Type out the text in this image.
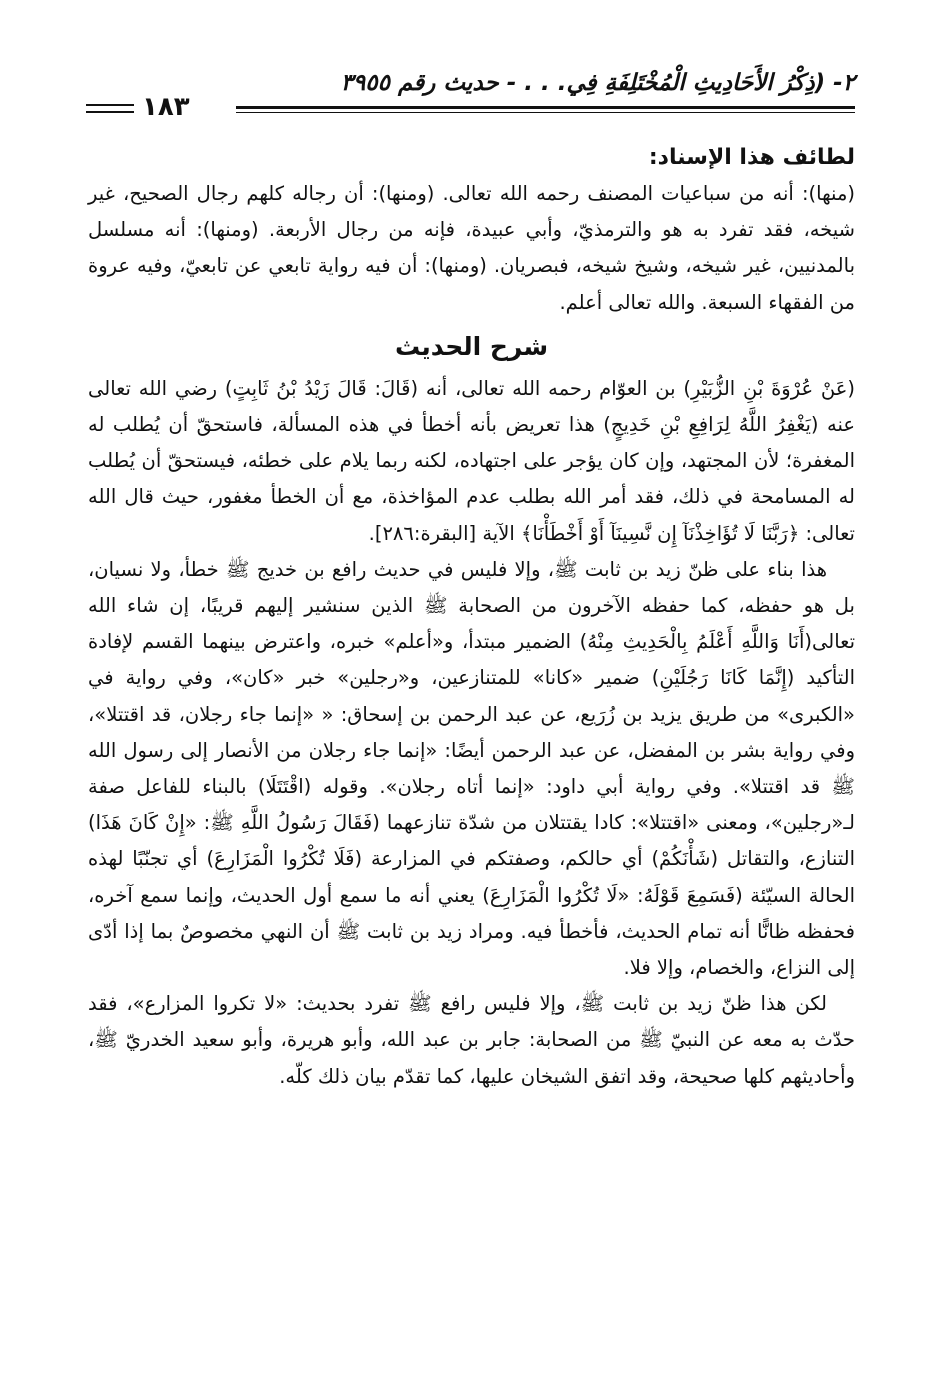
٢- (ذِكْرُ الأَحَادِيثِ الْمُخْتَلِفَةِ فِي. . . - حديث رقم ٣٩٥٥
١٨٣
لطائف هذا الإسناد:

(منها): أنه من سباعيات المصنف رحمه الله تعالى. (ومنها): أن رجاله كلهم رجال الصحيح، غير شيخه، فقد تفرد به هو والترمذيّ، وأبي عبيدة، فإنه من رجال الأربعة. (ومنها): أنه مسلسل بالمدنيين، غير شيخه، وشيخ شيخه، فبصريان. (ومنها): أن فيه رواية تابعي عن تابعيّ، وفيه عروة من الفقهاء السبعة. والله تعالى أعلم.

شرح الحديث

(عَنْ عُرْوَةَ بْنِ الزُّبَيْرِ) بن العوّام رحمه الله تعالى، أنه (قَالَ: قَالَ زَيْدُ بْنُ ثَابِتٍ) رضي الله تعالى عنه (يَغْفِرُ اللَّهُ لِرَافِعِ بْنِ خَدِيجٍ) هذا تعريض بأنه أخطأ في هذه المسألة، فاستحقّ أن يُطلب له المغفرة؛ لأن المجتهد، وإن كان يؤجر على اجتهاده، لكنه ربما يلام على خطئه، فيستحقّ أن يُطلب له المسامحة في ذلك، فقد أمر الله بطلب عدم المؤاخذة، مع أن الخطأ مغفور، حيث قال الله تعالى: ﴿رَبَّنَا لَا تُؤَاخِذْنَآ إِن نَّسِينَآ أَوْ أَخْطَأْنَا﴾ الآية [البقرة:٢٨٦].

هذا بناء على ظنّ زيد بن ثابت ﷺ، وإلا فليس في حديث رافع بن خديج ﷺ خطأ، ولا نسيان، بل هو حفظه، كما حفظه الآخرون من الصحابة ﷺ الذين سنشير إليهم قريبًا، إن شاء الله تعالى(أَنَا وَاللَّهِ أَعْلَمُ بِالْحَدِيثِ مِنْهُ) الضمير مبتدأ، و«أعلم» خبره، واعترض بينهما القسم لإفادة التأكيد (إِنَّمَا كَانَا رَجُلَيْنِ) ضمير «كانا» للمتنازعين، و«رجلين» خبر «كان»، وفي رواية في «الكبرى» من طريق يزيد بن زُرَيع، عن عبد الرحمن بن إسحاق: « «إنما جاء رجلان، قد اقتتلا»، وفي رواية بشر بن المفضل، عن عبد الرحمن أيضًا: «إنما جاء رجلان من الأنصار إلى رسول الله ﷺ قد اقتتلا». وفي رواية أبي داود: «إنما أتاه رجلان». وقوله (اقْتَتَلَا) بالبناء للفاعل صفة لـ«رجلين»، ومعنى «اقتتلا»: كادا يقتتلان من شدّة تنازعهما (فَقَالَ رَسُولُ اللَّهِ ﷺ: «إِنْ كَانَ هَذَا) التنازع، والتقاتل (شَأْنَكُمْ) أي حالكم، وصفتكم في المزارعة (فَلَا تُكْرُوا الْمَزَارِعَ) أي تجنّبًا لهذه الحالة السيّئة (فَسَمِعَ قَوْلَهُ: «لَا تُكْرُوا الْمَزَارِعَ) يعني أنه ما سمع أول الحديث، وإنما سمع آخره، فحفظه ظانًّا أنه تمام الحديث، فأخطأ فيه. ومراد زيد بن ثابت ﷺ أن النهي مخصوصٌ بما إذا أدّى إلى النزاع، والخصام، وإلا فلا.

لكن هذا ظنّ زيد بن ثابت ﷺ، وإلا فليس رافع ﷺ تفرد بحديث: «لا تكروا المزارع»، فقد حدّث به معه عن النبيّ ﷺ من الصحابة: جابر بن عبد الله، وأبو هريرة، وأبو سعيد الخدريّ ﷺ، وأحاديثهم كلها صحيحة، وقد اتفق الشيخان عليها، كما تقدّم بيان ذلك كلّه.
